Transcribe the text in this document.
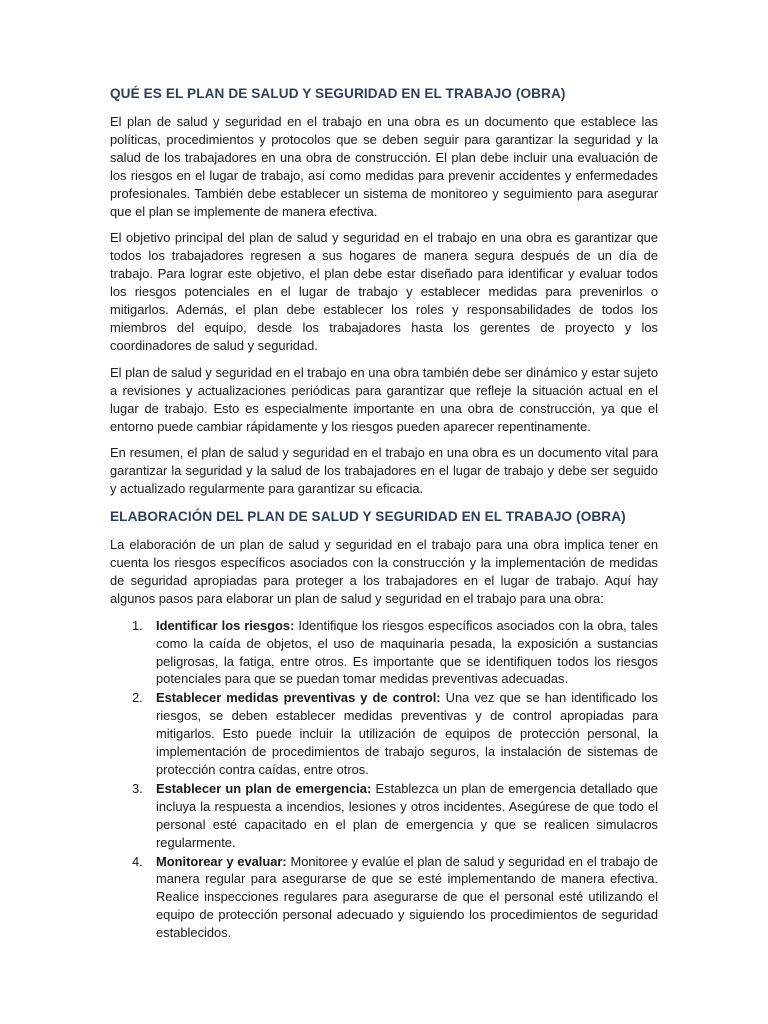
QUÉ ES EL PLAN DE SALUD Y SEGURIDAD EN EL TRABAJO (OBRA)

El plan de salud y seguridad en el trabajo en una obra es un documento que establece las políticas, procedimientos y protocolos que se deben seguir para garantizar la seguridad y la salud de los trabajadores en una obra de construcción. El plan debe incluir una evaluación de los riesgos en el lugar de trabajo, así como medidas para prevenir accidentes y enfermedades profesionales. También debe establecer un sistema de monitoreo y seguimiento para asegurar que el plan se implemente de manera efectiva.

El objetivo principal del plan de salud y seguridad en el trabajo en una obra es garantizar que todos los trabajadores regresen a sus hogares de manera segura después de un día de trabajo. Para lograr este objetivo, el plan debe estar diseñado para identificar y evaluar todos los riesgos potenciales en el lugar de trabajo y establecer medidas para prevenirlos o mitigarlos. Además, el plan debe establecer los roles y responsabilidades de todos los miembros del equipo, desde los trabajadores hasta los gerentes de proyecto y los coordinadores de salud y seguridad.

El plan de salud y seguridad en el trabajo en una obra también debe ser dinámico y estar sujeto a revisiones y actualizaciones periódicas para garantizar que refleje la situación actual en el lugar de trabajo. Esto es especialmente importante en una obra de construcción, ya que el entorno puede cambiar rápidamente y los riesgos pueden aparecer repentinamente.

En resumen, el plan de salud y seguridad en el trabajo en una obra es un documento vital para garantizar la seguridad y la salud de los trabajadores en el lugar de trabajo y debe ser seguido y actualizado regularmente para garantizar su eficacia.

ELABORACIÓN DEL PLAN DE SALUD Y SEGURIDAD EN EL TRABAJO (OBRA)

La elaboración de un plan de salud y seguridad en el trabajo para una obra implica tener en cuenta los riesgos específicos asociados con la construcción y la implementación de medidas de seguridad apropiadas para proteger a los trabajadores en el lugar de trabajo. Aquí hay algunos pasos para elaborar un plan de salud y seguridad en el trabajo para una obra:

1. Identificar los riesgos: Identifique los riesgos específicos asociados con la obra, tales como la caída de objetos, el uso de maquinaria pesada, la exposición a sustancias peligrosas, la fatiga, entre otros. Es importante que se identifiquen todos los riesgos potenciales para que se puedan tomar medidas preventivas adecuadas.
2. Establecer medidas preventivas y de control: Una vez que se han identificado los riesgos, se deben establecer medidas preventivas y de control apropiadas para mitigarlos. Esto puede incluir la utilización de equipos de protección personal, la implementación de procedimientos de trabajo seguros, la instalación de sistemas de protección contra caídas, entre otros.
3. Establecer un plan de emergencia: Establezca un plan de emergencia detallado que incluya la respuesta a incendios, lesiones y otros incidentes. Asegúrese de que todo el personal esté capacitado en el plan de emergencia y que se realicen simulacros regularmente.
4. Monitorear y evaluar: Monitoree y evalúe el plan de salud y seguridad en el trabajo de manera regular para asegurarse de que se esté implementando de manera efectiva. Realice inspecciones regulares para asegurarse de que el personal esté utilizando el equipo de protección personal adecuado y siguiendo los procedimientos de seguridad establecidos.
